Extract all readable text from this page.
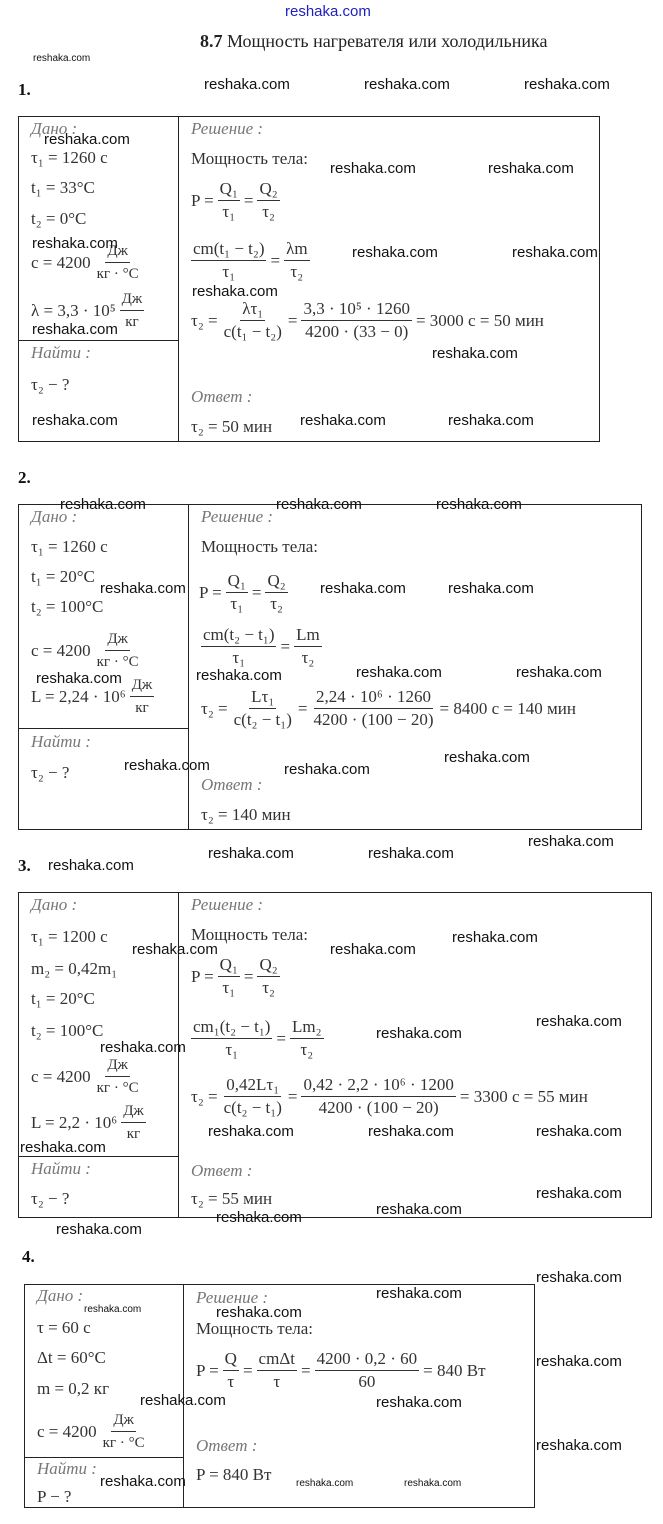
reshaka.com
8.7 Мощность нагревателя или холодильника
1.
Дано :
τ₁ = 1260 с
t₁ = 33°C
t₂ = 0°C
$c = 4200 \frac{Дж}{кг \cdot ^\circ C}$
$\lambda = 3,3 \cdot 10^5 \frac{Дж}{кг}$
Найти :
τ₂ − ?
Решение :
Мощность тела:
$P = \frac{\text{Q₁}}{\text{τ₁}} = \frac{\text{Q₂}}{\text{τ₂}}$
$\frac{\text{cm(t₁ − t₂)}}{\text{τ₁}} = \frac{\lambda m}{\text{τ₂}}$
$\tau_2 = \frac{\text{λτ₁}}{\text{c(t₁ − t₂)}} = \frac{\text{3,3 · 10⁵ · 1260}}{4200 \cdot (33 - 0)} = 3000$ с = 50 мин
Ответ :
τ₂ = 50 мин
2.
Дано :
τ₁ = 1260 с
t₁ = 20°C
t₂ = 100°C
$c = 4200 \frac{Дж}{кг \cdot ^\circ C}$
$L = 2,24 \cdot 10^6 \frac{Дж}{кг}$
Найти :
τ₂ − ?
Решение :
Мощность тела:
$P = \frac{\text{Q₁}}{\text{τ₁}} = \frac{\text{Q₂}}{\text{τ₂}}$
$\frac{\text{cm(t₂ − t₁)}}{\text{τ₁}} = \frac{Lm}{\text{τ₂}}$
$\tau_2 = \frac{\text{Lτ₁}}{\text{c(t₂ − t₁)}} = \frac{\text{2,24 · 10⁶ · 1260}}{4200 \cdot (100 - 20)} = 8400$ с = 140 мин
Ответ :
τ₂ = 140 мин
3.
Дано :
τ₁ = 1200 с
m₂ = 0,42m₁
t₁ = 20°C
t₂ = 100°C
$c = 4200 \frac{Дж}{кг \cdot ^\circ C}$
$L = 2,2 \cdot 10^6 \frac{Дж}{кг}$
Найти :
τ₂ − ?
Решение :
Мощность тела:
$P = \frac{\text{Q₁}}{\text{τ₁}} = \frac{\text{Q₂}}{\text{τ₂}}$
$\frac{\text{cm₁(t₂ − t₁)}}{\text{τ₁}} = \frac{\text{Lm₂}}{\text{τ₂}}$
$\tau_2 = \frac{\text{0,42Lτ₁}}{\text{c(t₂ − t₁)}} = \frac{\text{0,42 · 2,2 · 10⁶ · 1200}}{4200 \cdot (100 - 20)} = 3300$ с = 55 мин
Ответ :
τ₂ = 55 мин
4.
Дано :
τ = 60 с
Δt = 60°C
m = 0,2 кг
$c = 4200 \frac{Дж}{кг \cdot ^\circ C}$
Найти :
P − ?
Решение :
Мощность тела:
$P = \frac{Q}{\tau} = \frac{\text{cmΔt}}{\tau} = \frac{4200 \cdot 0,2 \cdot 60}{60} = 840$ Вт
Ответ :
P = 840 Вт
reshaka.com
reshaka.com	reshaka.com	reshaka.com
reshaka.com
reshaka.com	reshaka.com
reshaka.com
reshaka.com	reshaka.com
reshaka.com
reshaka.com
reshaka.com
reshaka.com	reshaka.com	reshaka.com
reshaka.com	reshaka.com	reshaka.com
reshaka.com	reshaka.com	reshaka.com
reshaka.com	reshaka.com	reshaka.com
reshaka.com
reshaka.com	reshaka.com
reshaka.com
reshaka.com
reshaka.com	reshaka.com
reshaka.com
reshaka.com	reshaka.com
reshaka.com
reshaka.com
reshaka.com
reshaka.com
reshaka.com
reshaka.com	reshaka.com
reshaka.com
reshaka.com
reshaka.com	reshaka.com
reshaka.com
reshaka.com
reshaka.com	reshaka.com
reshaka.com
reshaka.com
reshaka.com	reshaka.com
reshaka.com
reshaka.com	reshaka.com	reshaka.com
